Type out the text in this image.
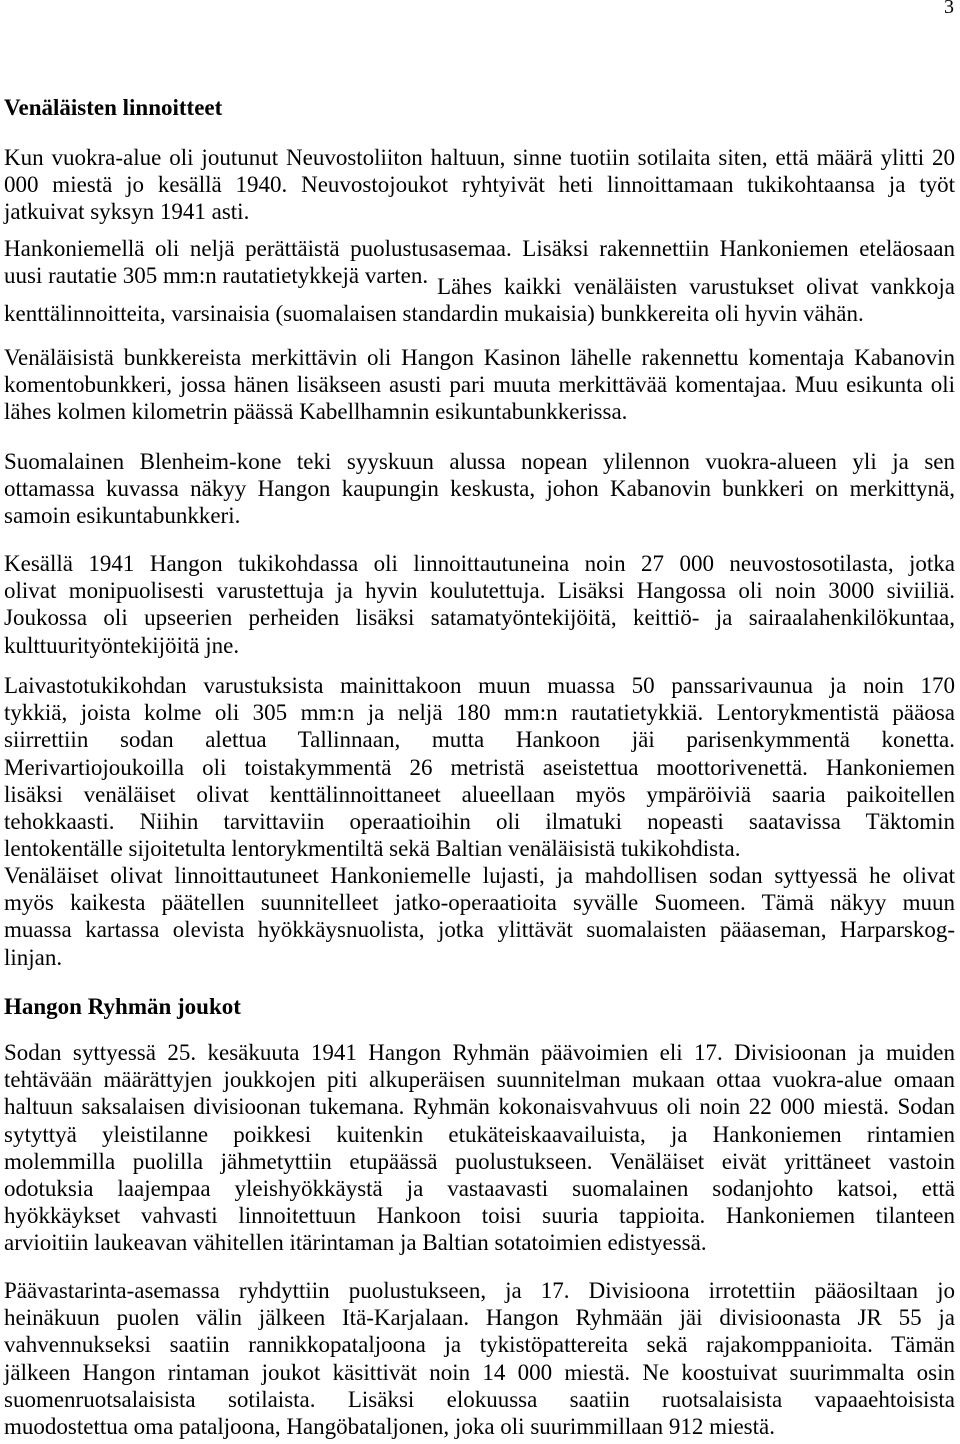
3
Venäläisten linnoitteet
Kun vuokra-alue oli joutunut Neuvostoliiton haltuun, sinne tuotiin sotilaita siten, että määrä ylitti 20
000 miestä jo kesällä 1940. Neuvostojoukot ryhtyivät heti linnoittamaan tukikohtaansa ja työt
jatkuivat syksyn 1941 asti.
Hankoniemellä oli neljä perättäistä puolustusasemaa. Lisäksi rakennettiin Hankoniemen eteläosaan
uusi rautatie 305 mm:n rautatietykkejä varten. Lähes kaikki venäläisten varustukset olivat vankkoja
kenttälinnoitteita, varsinaisia (suomalaisen standardin mukaisia) bunkkereita oli hyvin vähän.
Venäläisistä bunkkereista merkittävin oli Hangon Kasinon lähelle rakennettu komentaja Kabanovin
komentobunkkeri, jossa hänen lisäkseen asusti pari muuta merkittävää komentajaa. Muu esikunta oli
lähes kolmen kilometrin päässä Kabellhamnin esikuntabunkkerissa.
Suomalainen Blenheim-kone teki syyskuun alussa nopean ylilennon vuokra-alueen yli ja sen
ottamassa kuvassa näkyy Hangon kaupungin keskusta, johon Kabanovin bunkkeri on merkittynä,
samoin esikuntabunkkeri.
Kesällä 1941 Hangon tukikohdassa oli linnoittautuneina noin 27 000 neuvostosotilasta, jotka
olivat monipuolisesti varustettuja ja hyvin koulutettuja. Lisäksi Hangossa oli noin 3000 siviiliä.
Joukossa oli upseerien perheiden lisäksi satamatyöntekijöitä, keittiö- ja sairaalahenkilökuntaa,
kulttuurityöntekijöitä jne.
Laivastotukikohdan varustuksista mainittakoon muun muassa 50 panssarivaunua ja noin 170
tykkiä, joista kolme oli 305 mm:n ja neljä 180 mm:n rautatietykkiä. Lentorykmentistä pääosa
siirrettiin sodan alettua Tallinnaan, mutta Hankoon jäi parisenkymmentä konetta.
Merivartiojoukoilla oli toistakymmentä 26 metristä aseistettua moottorivenettä. Hankoniemen
lisäksi venäläiset olivat kenttälinnoittaneet alueellaan myös ympäröiviä saaria paikoitellen
tehokkaasti. Niihin tarvittaviin operaatioihin oli ilmatuki nopeasti saatavissa Täktomin
lentokentälle sijoitetulta lentorykmentiltä sekä Baltian venäläisistä tukikohdista.
Venäläiset olivat linnoittautuneet Hankoniemelle lujasti, ja mahdollisen sodan syttyessä he olivat
myös kaikesta päätellen suunnitelleet jatko-operaatioita syvälle Suomeen. Tämä näkyy muun
muassa kartassa olevista hyökkäysnuolista, jotka ylittävät suomalaisten pääaseman, Harparskog-
linjan.
Hangon Ryhmän joukot
Sodan syttyessä 25. kesäkuuta 1941 Hangon Ryhmän päävoimien eli 17. Divisioonan ja muiden
tehtävään määrättyjen joukkojen piti alkuperäisen suunnitelman mukaan ottaa vuokra-alue omaan
haltuun saksalaisen divisioonan tukemana. Ryhmän kokonaisvahvuus oli noin 22 000 miestä. Sodan
sytyttyä yleistilanne poikkesi kuitenkin etukäteiskaavailuista, ja Hankoniemen rintamien
molemmilla puolilla jähmetyttiin etupäässä puolustukseen. Venäläiset eivät yrittäneet vastoin
odotuksia laajempaa yleishyökkäystä ja vastaavasti suomalainen sodanjohto katsoi, että
hyökkäykset vahvasti linnoitettuun Hankoon toisi suuria tappioita. Hankoniemen tilanteen
arvioitiin laukeavan vähitellen itärintaman ja Baltian sotatoimien edistyessä.
Päävastarinta-asemassa ryhdyttiin puolustukseen, ja 17. Divisioona irrotettiin pääosiltaan jo
heinäkuun puolen välin jälkeen Itä-Karjalaan. Hangon Ryhmään jäi divisioonasta JR 55 ja
vahvennukseksi saatiin rannikkopataljoona ja tykistöpattereita sekä rajakomppanioita. Tämän
jälkeen Hangon rintaman joukot käsittivät noin 14 000 miestä. Ne koostuivat suurimmalta osin
suomenruotsalaisista sotilaista. Lisäksi elokuussa saatiin ruotsalaisista vapaaehtoisista
muodostettua oma pataljoona, Hangöbataljonen, joka oli suurimmillaan 912 miestä.
